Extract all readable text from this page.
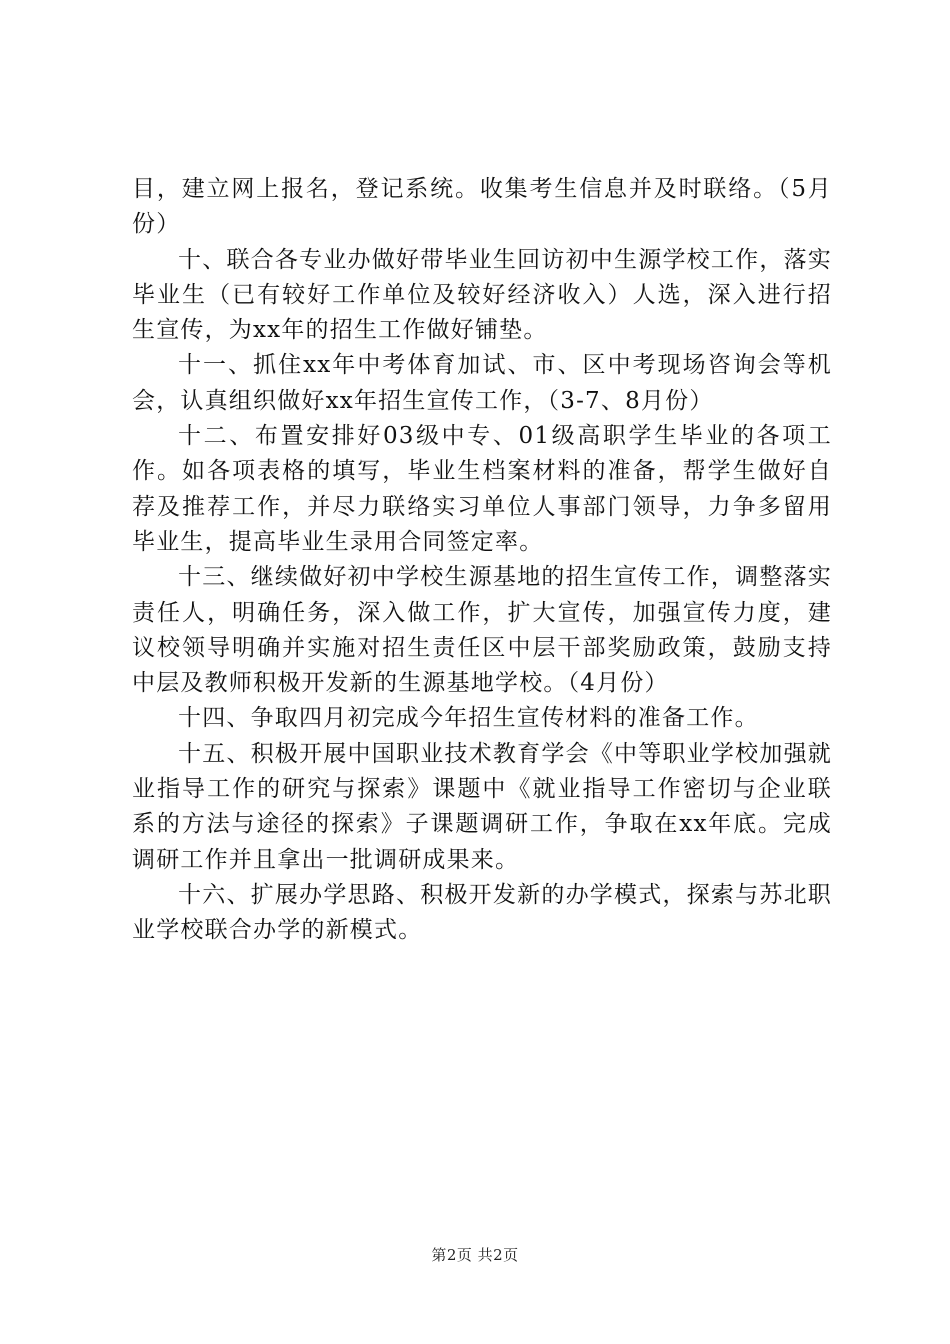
目，建立网上报名，登记系统。收集考生信息并及时联络。（5月份）

十、联合各专业办做好带毕业生回访初中生源学校工作，落实毕业生（已有较好工作单位及较好经济收入）人选，深入进行招生宣传，为xx年的招生工作做好铺垫。

十一、抓住xx年中考体育加试、市、区中考现场咨询会等机会，认真组织做好xx年招生宣传工作，（3-7、8月份）

十二、布置安排好03级中专、01级高职学生毕业的各项工作。如各项表格的填写，毕业生档案材料的准备，帮学生做好自荐及推荐工作，并尽力联络实习单位人事部门领导，力争多留用毕业生，提高毕业生录用合同签定率。

十三、继续做好初中学校生源基地的招生宣传工作，调整落实责任人，明确任务，深入做工作，扩大宣传，加强宣传力度，建议校领导明确并实施对招生责任区中层干部奖励政策，鼓励支持中层及教师积极开发新的生源基地学校。（4月份）

十四、争取四月初完成今年招生宣传材料的准备工作。

十五、积极开展中国职业技术教育学会《中等职业学校加强就业指导工作的研究与探索》课题中《就业指导工作密切与企业联系的方法与途径的探索》子课题调研工作，争取在xx年底。完成调研工作并且拿出一批调研成果来。

十六、扩展办学思路、积极开发新的办学模式，探索与苏北职业学校联合办学的新模式。

第2页 共2页
